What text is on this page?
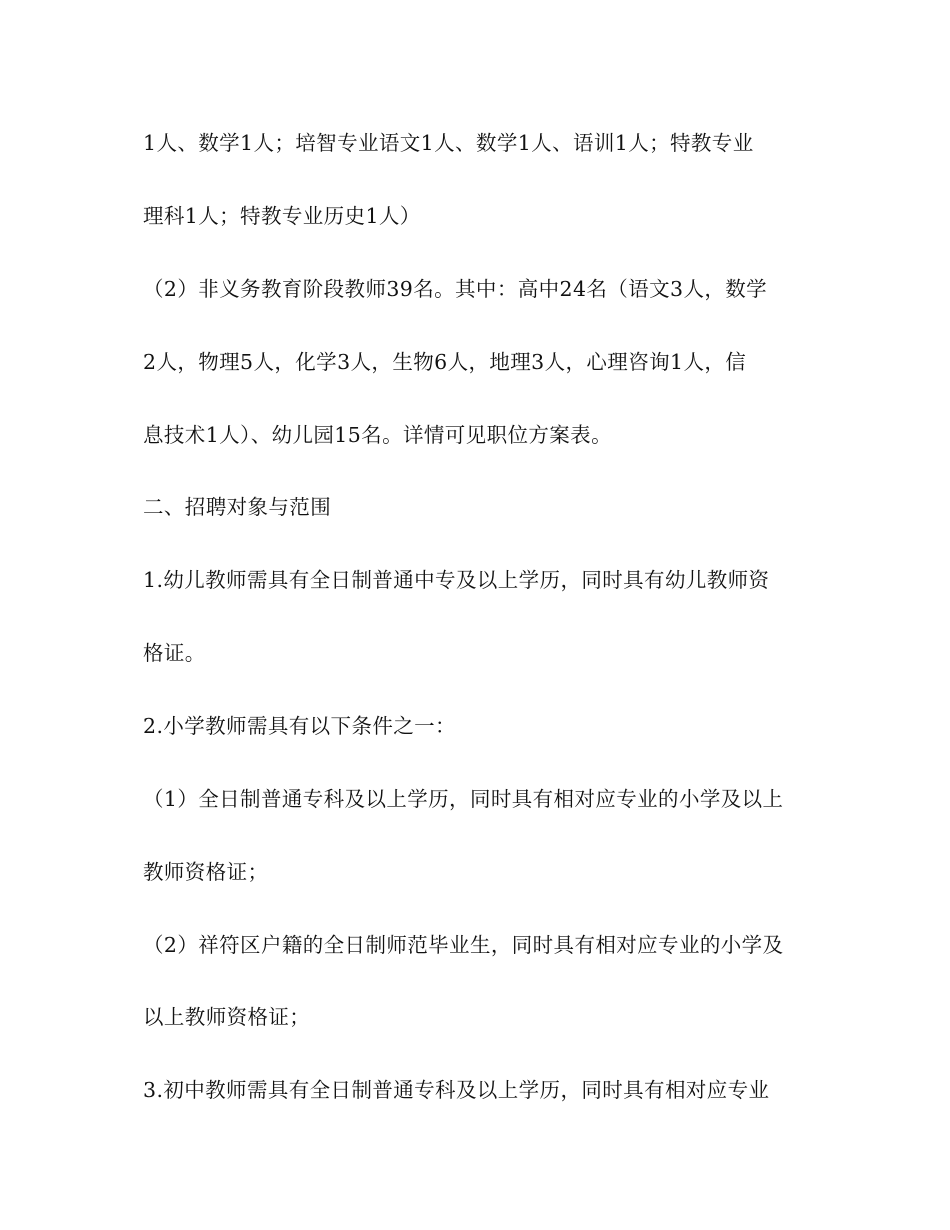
1人、数学1人；培智专业语文1人、数学1人、语训1人；特教专业

理科1人；特教专业历史1人）

（2）非义务教育阶段教师39名。其中：高中24名（语文3人，数学

2人，物理5人，化学3人，生物6人，地理3人，心理咨询1人，信

息技术1人）、幼儿园15名。详情可见职位方案表。

二、招聘对象与范围

1.幼儿教师需具有全日制普通中专及以上学历，同时具有幼儿教师资

格证。

2.小学教师需具有以下条件之一：

（1）全日制普通专科及以上学历，同时具有相对应专业的小学及以上

教师资格证；

（2）祥符区户籍的全日制师范毕业生，同时具有相对应专业的小学及

以上教师资格证；

3.初中教师需具有全日制普通专科及以上学历，同时具有相对应专业
